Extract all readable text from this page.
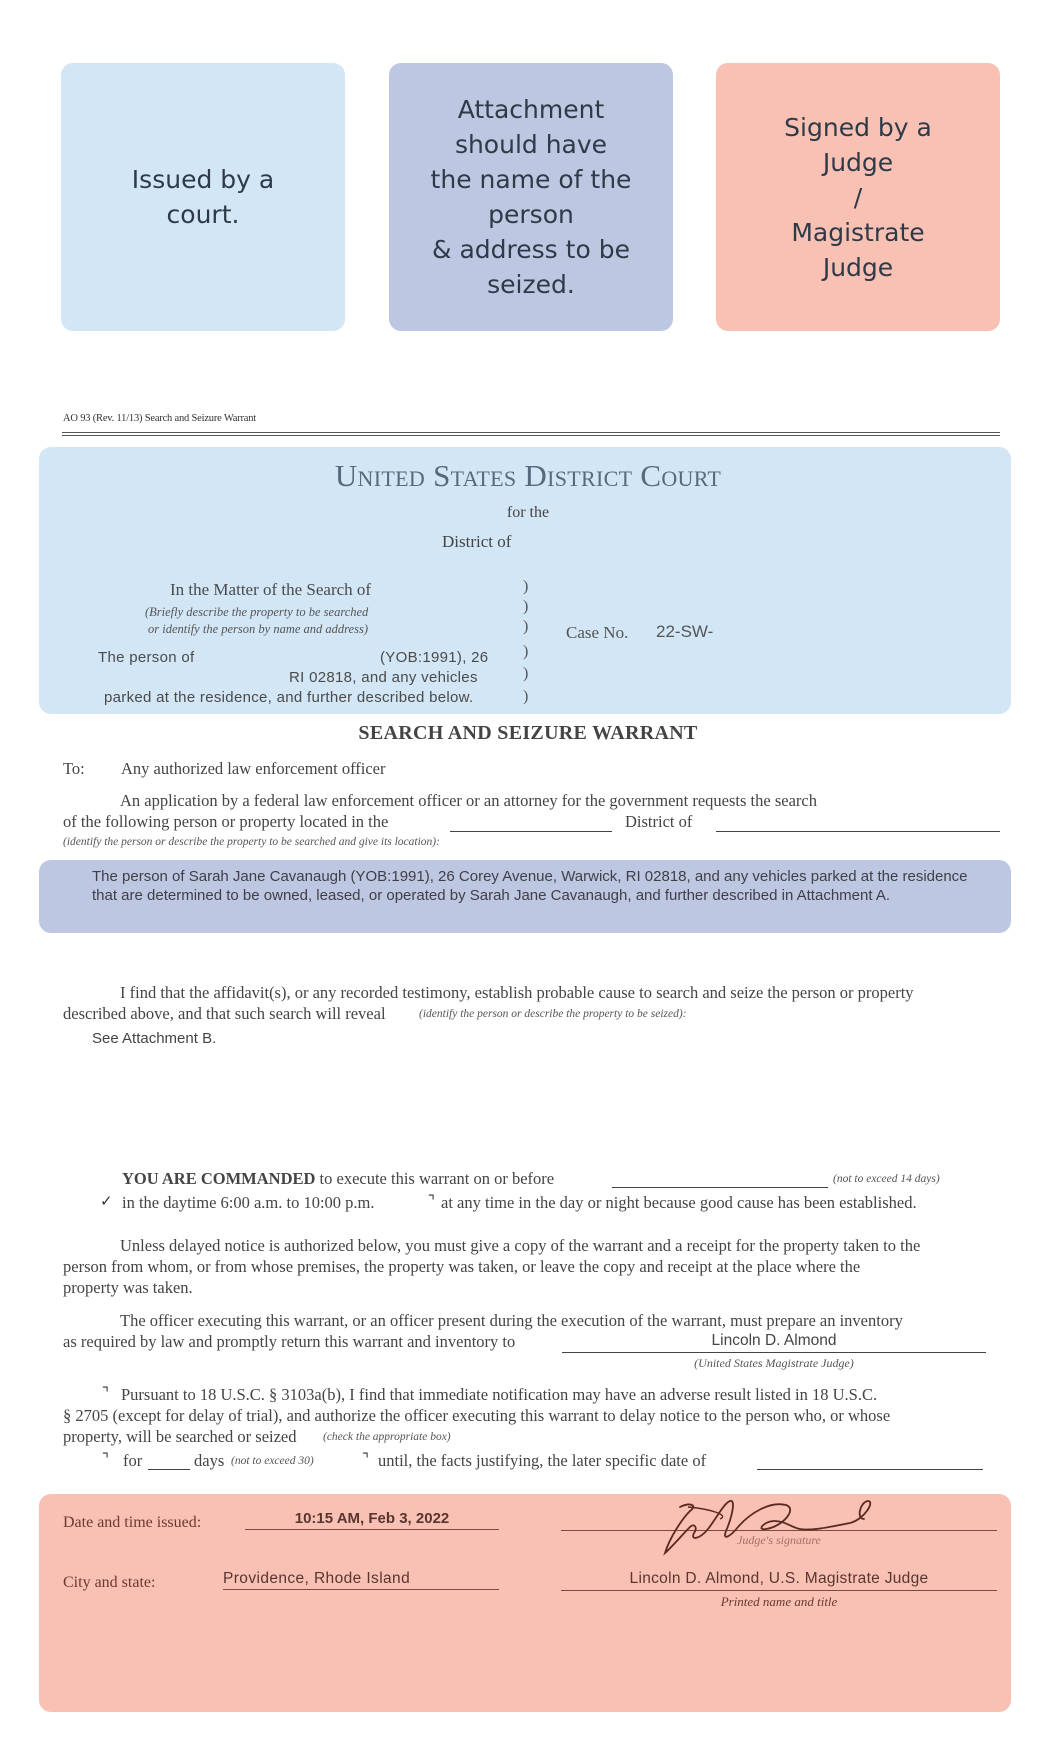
Issued by a
court.
Attachment
should have
the name of the
person
& address to be
seized.
Signed by a
Judge
/
Magistrate
Judge
AO 93 (Rev. 11/13) Search and Seizure Warrant
United States District Court
for the
District of
In the Matter of the Search of
(Briefly describe the property to be searched
or identify the person by name and address)
The person of	(YOB:1991), 26
RI 02818, and any vehicles
parked at the residence, and further described below.
)
)
)
)
)
)
Case No. 22-SW-
SEARCH AND SEIZURE WARRANT
To: Any authorized law enforcement officer
An application by a federal law enforcement officer or an attorney for the government requests the search
of the following person or property located in the	District of
(identify the person or describe the property to be searched and give its location):
The person of Sarah Jane Cavanaugh (YOB:1991), 26 Corey Avenue, Warwick, RI 02818, and any vehicles parked at the residence that are determined to be owned, leased, or operated by Sarah Jane Cavanaugh, and further described in Attachment A.
I find that the affidavit(s), or any recorded testimony, establish probable cause to search and seize the person or property
described above, and that such search will reveal	(identify the person or describe the property to be seized):
See Attachment B.
YOU ARE COMMANDED to execute this warrant on or before	(not to exceed 14 days)
✓ in the daytime 6:00 a.m. to 10:00 p.m.	⌝ at any time in the day or night because good cause has been established.
Unless delayed notice is authorized below, you must give a copy of the warrant and a receipt for the property taken to the
person from whom, or from whose premises, the property was taken, or leave the copy and receipt at the place where the
property was taken.
The officer executing this warrant, or an officer present during the execution of the warrant, must prepare an inventory
as required by law and promptly return this warrant and inventory to	Lincoln D. Almond
(United States Magistrate Judge)
⌝ Pursuant to 18 U.S.C. § 3103a(b), I find that immediate notification may have an adverse result listed in 18 U.S.C.
§ 2705 (except for delay of trial), and authorize the officer executing this warrant to delay notice to the person who, or whose
property, will be searched or seized (check the appropriate box)
⌝ for	days (not to exceed 30)	⌝ until, the facts justifying, the later specific date of
Date and time issued:	10:15 AM, Feb 3, 2022
City and state:	Providence, Rhode Island
Judge's signature
Lincoln D. Almond, U.S. Magistrate Judge
Printed name and title
